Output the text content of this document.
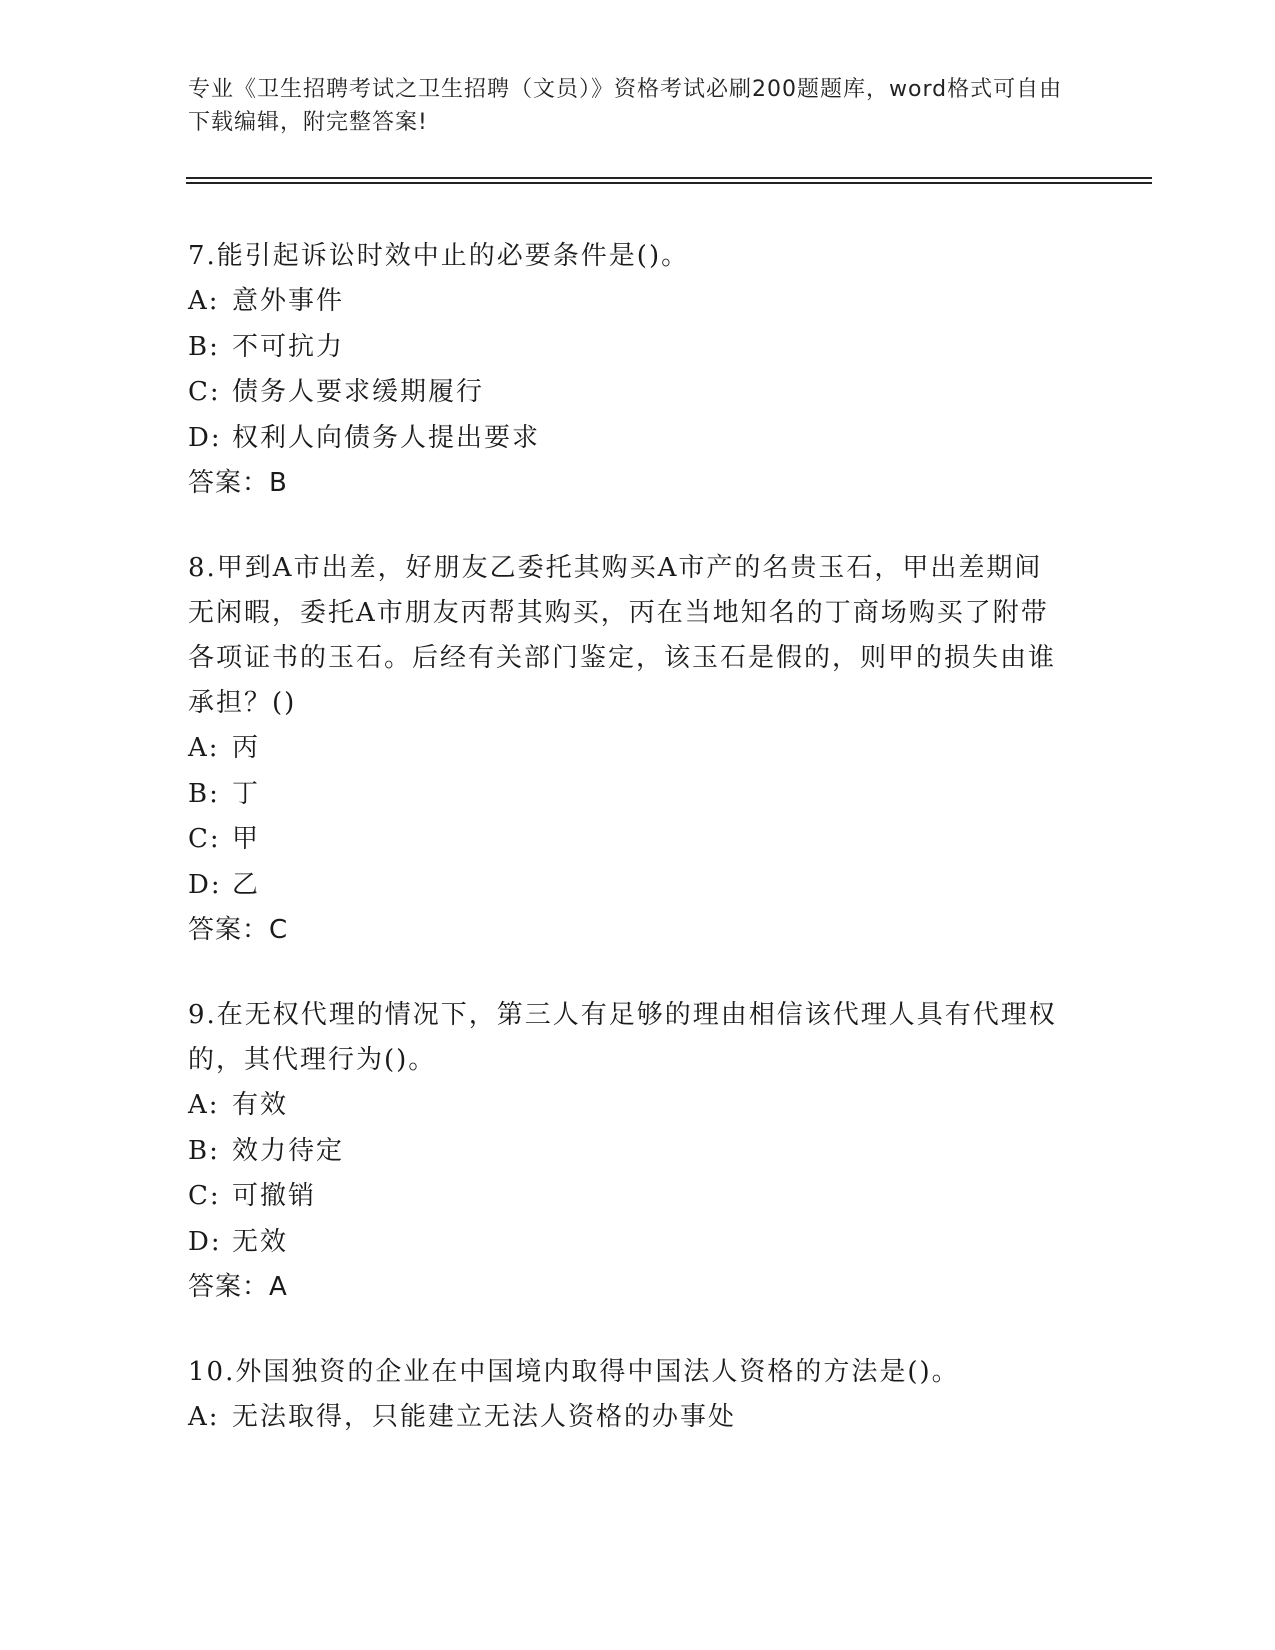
专业《卫生招聘考试之卫生招聘（文员）》资格考试必刷200题题库，word格式可自由下载编辑，附完整答案!

7.能引起诉讼时效中止的必要条件是()。

A: 意外事件
B: 不可抗力
C: 债务人要求缓期履行
D: 权利人向债务人提出要求
答案：B

8.甲到A市出差，好朋友乙委托其购买A市产的名贵玉石，甲出差期间无闲暇，委托A市朋友丙帮其购买，丙在当地知名的丁商场购买了附带各项证书的玉石。后经有关部门鉴定，该玉石是假的，则甲的损失由谁承担？()

A: 丙
B: 丁
C: 甲
D: 乙
答案：C

9.在无权代理的情况下，第三人有足够的理由相信该代理人具有代理权的，其代理行为()。

A: 有效
B: 效力待定
C: 可撤销
D: 无效
答案：A

10.外国独资的企业在中国境内取得中国法人资格的方法是()。

A: 无法取得，只能建立无法人资格的办事处
